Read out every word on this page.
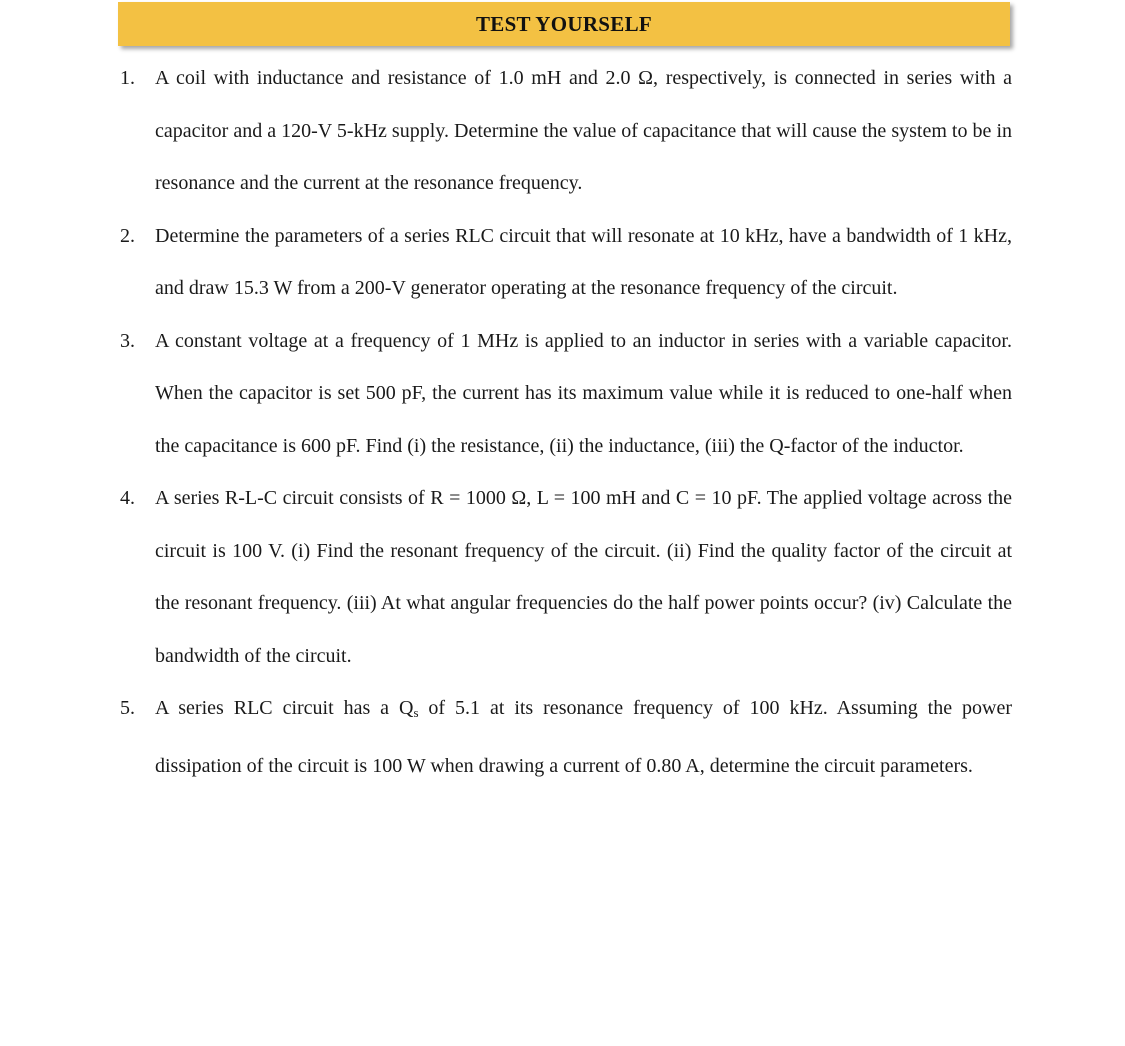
TEST YOURSELF
1. A coil with inductance and resistance of 1.0 mH and 2.0 Ω, respectively, is connected in series with a capacitor and a 120-V 5-kHz supply. Determine the value of capacitance that will cause the system to be in resonance and the current at the resonance frequency.
2. Determine the parameters of a series RLC circuit that will resonate at 10 kHz, have a bandwidth of 1 kHz, and draw 15.3 W from a 200-V generator operating at the resonance frequency of the circuit.
3. A constant voltage at a frequency of 1 MHz is applied to an inductor in series with a variable capacitor. When the capacitor is set 500 pF, the current has its maximum value while it is reduced to one-half when the capacitance is 600 pF. Find (i) the resistance, (ii) the inductance, (iii) the Q-factor of the inductor.
4. A series R-L-C circuit consists of R = 1000 Ω, L = 100 mH and C = 10 pF. The applied voltage across the circuit is 100 V. (i) Find the resonant frequency of the circuit. (ii) Find the quality factor of the circuit at the resonant frequency. (iii) At what angular frequencies do the half power points occur? (iv) Calculate the bandwidth of the circuit.
5. A series RLC circuit has a $Q_s$ of 5.1 at its resonance frequency of 100 kHz. Assuming the power dissipation of the circuit is 100 W when drawing a current of 0.80 A, determine the circuit parameters.
